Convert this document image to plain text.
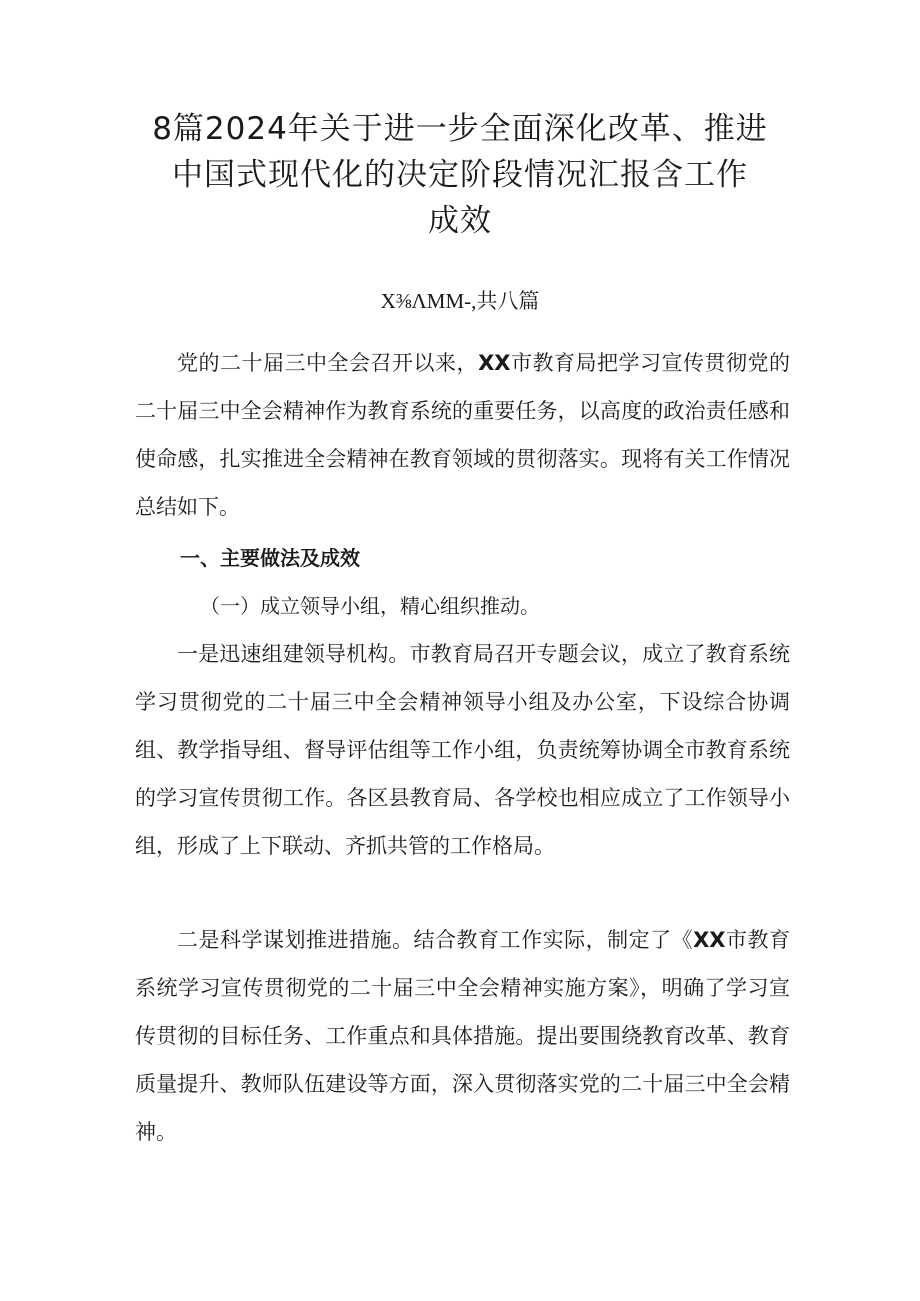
8篇2024年关于进一步全面深化改革、推进
中国式现代化的决定阶段情况汇报含工作
成效

X⅜ΛMM-,共八篇

党的二十届三中全会召开以来，XX市教育局把学习宣传贯彻党的二十届三中全会精神作为教育系统的重要任务，以高度的政治责任感和使命感，扎实推进全会精神在教育领域的贯彻落实。现将有关工作情况总结如下。

一、主要做法及成效

（一）成立领导小组，精心组织推动。

一是迅速组建领导机构。市教育局召开专题会议，成立了教育系统学习贯彻党的二十届三中全会精神领导小组及办公室，下设综合协调组、教学指导组、督导评估组等工作小组，负责统筹协调全市教育系统的学习宣传贯彻工作。各区县教育局、各学校也相应成立了工作领导小组，形成了上下联动、齐抓共管的工作格局。

二是科学谋划推进措施。结合教育工作实际，制定了《XX市教育系统学习宣传贯彻党的二十届三中全会精神实施方案》，明确了学习宣传贯彻的目标任务、工作重点和具体措施。提出要围绕教育改革、教育质量提升、教师队伍建设等方面，深入贯彻落实党的二十届三中全会精神。
